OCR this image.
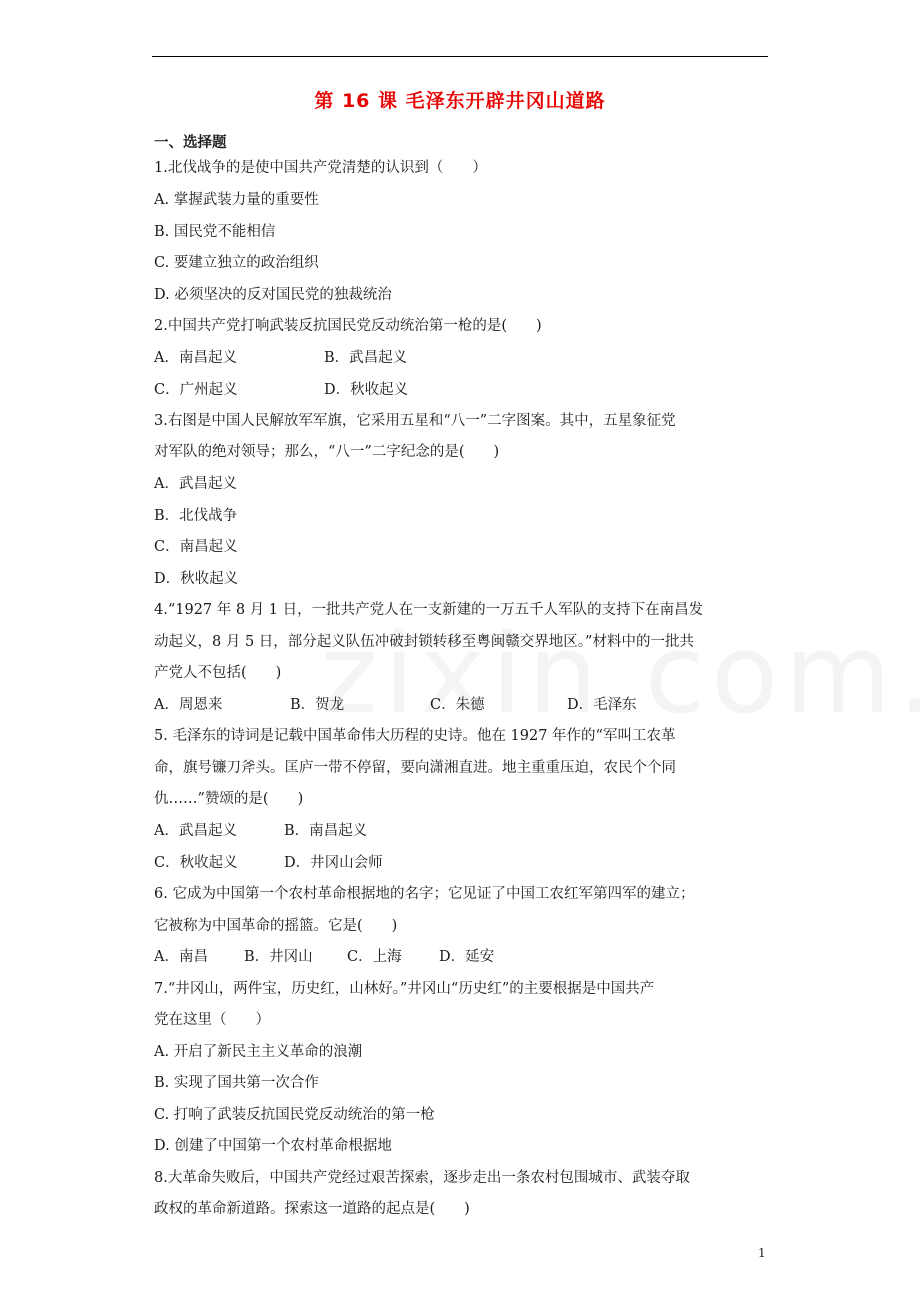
第 16 课 毛泽东开辟井冈山道路
一、选择题
1.北伐战争的是使中国共产党清楚的认识到（　　）
A. 掌握武装力量的重要性
B. 国民党不能相信
C. 要建立独立的政治组织
D. 必须坚决的反对国民党的独裁统治
2.中国共产党打响武装反抗国民党反动统治第一枪的是(　　)
A．南昌起义	B．武昌起义
C．广州起义	D．秋收起义
3.右图是中国人民解放军军旗，它采用五星和“八一”二字图案。其中，五星象征党
对军队的绝对领导；那么，“八一”二字纪念的是(　　)
A．武昌起义
B．北伐战争
C．南昌起义
D．秋收起义
4.“1927 年 8 月 1 日，一批共产党人在一支新建的一万五千人军队的支持下在南昌发
动起义，8 月 5 日，部分起义队伍冲破封锁转移至粤闽赣交界地区。”材料中的一批共
产党人不包括(　　)
A．周恩来	B．贺龙	C．朱德	D．毛泽东
5. 毛泽东的诗词是记载中国革命伟大历程的史诗。他在 1927 年作的“军叫工农革
命，旗号镰刀斧头。匡庐一带不停留，要向潇湘直进。地主重重压迫，农民个个同
仇……”赞颂的是(　　)
A．武昌起义	B．南昌起义
C．秋收起义	D．井冈山会师
6. 它成为中国第一个农村革命根据地的名字；它见证了中国工农红军第四军的建立；
它被称为中国革命的摇篮。它是(　　)
A．南昌 B．井冈山 C．上海	D．延安
7.“井冈山，两件宝，历史红，山林好。”井冈山“历史红”的主要根据是中国共产
党在这里（　　）
A. 开启了新民主主义革命的浪潮
B. 实现了国共第一次合作
C. 打响了武装反抗国民党反动统治的第一枪
D. 创建了中国第一个农村革命根据地
8.大革命失败后，中国共产党经过艰苦探索，逐步走出一条农村包围城市、武装夺取
政权的革命新道路。探索这一道路的起点是(　　)
1
